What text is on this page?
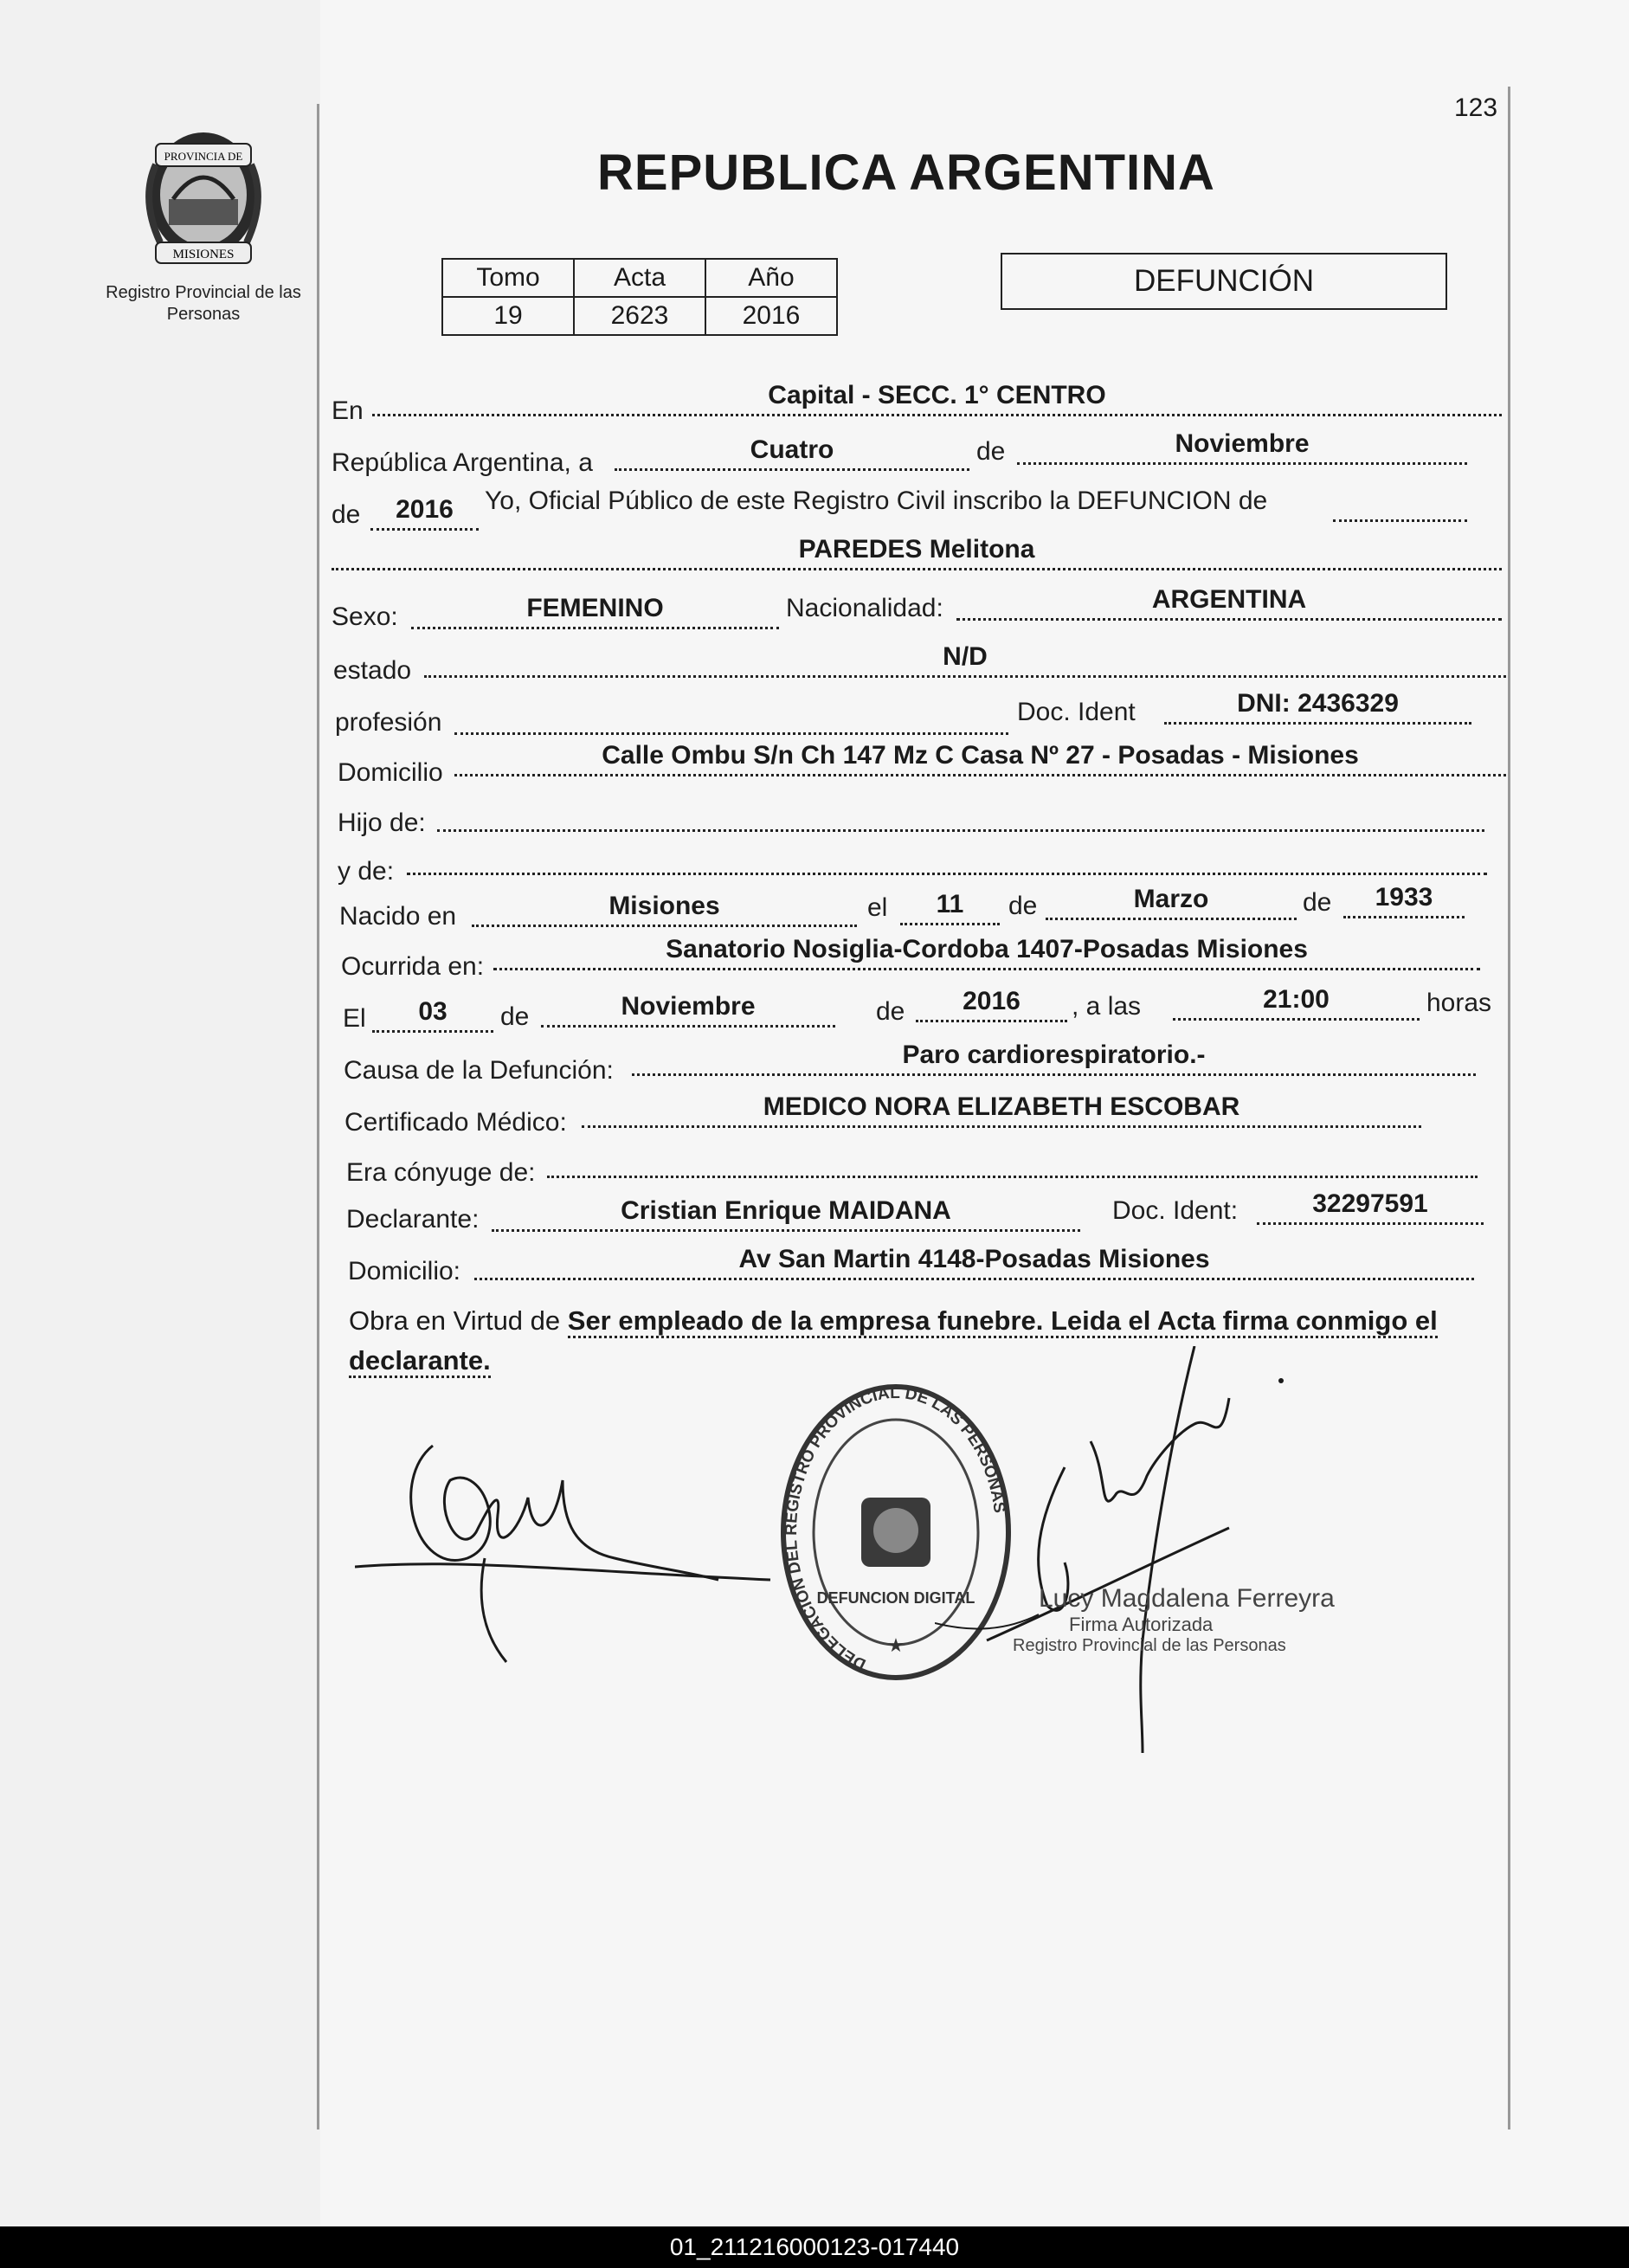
123
PROVINCIA DE
MISIONES
Registro Provincial de las Personas
REPUBLICA ARGENTINA
Tomo	Acta	Año
19	2623	2016
DEFUNCIÓN
En
Capital - SECC. 1° CENTRO
República Argentina, a	Cuatro	de	Noviembre
de	2016	Yo, Oficial Público de este Registro Civil inscribo la DEFUNCION de
PAREDES Melitona
Sexo:	FEMENINO	Nacionalidad:	ARGENTINA
estado	N/D
profesión	Doc. Ident	DNI: 2436329
Domicilio
Calle Ombu S/n Ch 147 Mz C Casa Nº 27 - Posadas - Misiones
Hijo de:
y de:
Nacido en	Misiones	el	11	de	Marzo	de	1933
Ocurrida en:
Sanatorio Nosiglia-Cordoba 1407-Posadas Misiones
El	03	de	Noviembre	de	2016	, a las	21:00	horas
Causa de la Defunción:
Paro cardiorespiratorio.-
Certificado Médico:
MEDICO NORA ELIZABETH ESCOBAR
Era cónyuge de:
Declarante:	Cristian Enrique MAIDANA	Doc. Ident:	32297591
Domicilio:	Av San Martin 4148-Posadas Misiones
Obra en Virtud de Ser empleado de la empresa funebre. Leida el Acta firma conmigo el
declarante.
DELEGACION DEL REGISTRO PROVINCIAL DE LAS PERSONAS
DEFUNCION DIGITAL
★
Lucy Magdalena Ferreyra
Firma Autorizada
Registro Provincial de las Personas
01_211216000123-017440
